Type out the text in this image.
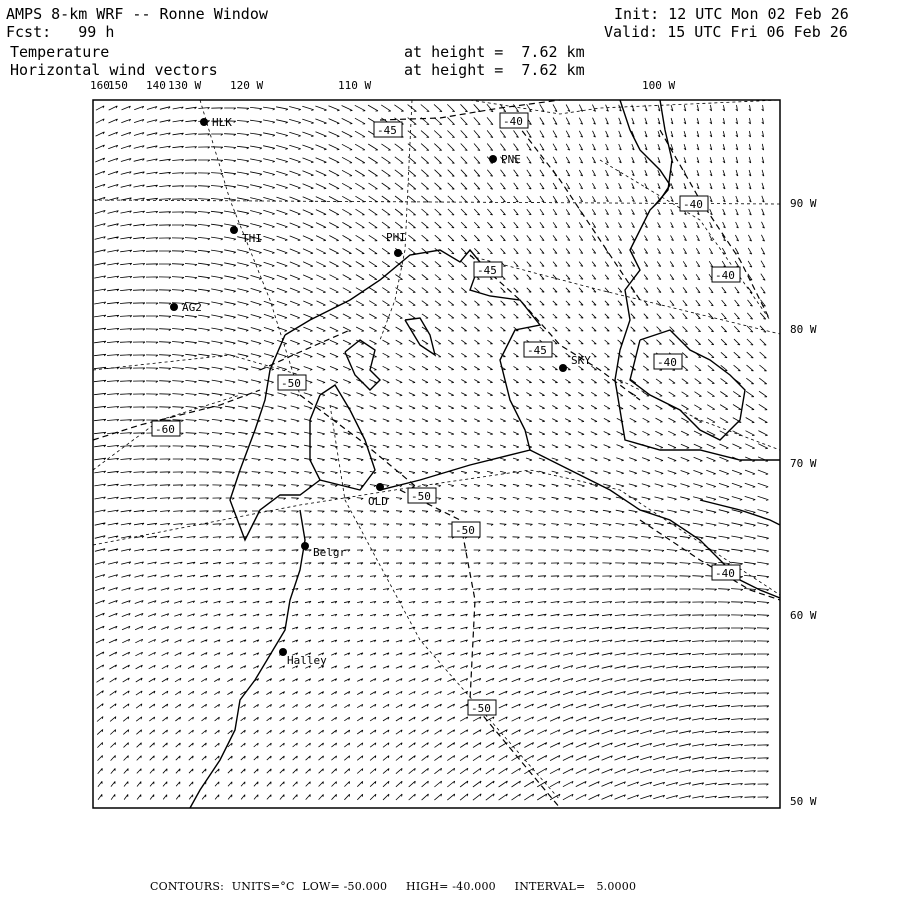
AMPS 8-km WRF -- Ronne Window
Fcst:   99 h
Init: 12 UTC Mon 02 Feb 26
Valid: 15 UTC Fri 06 Feb 26
Temperature
Horizontal wind vectors
at height =  7.62 km
at height =  7.62 km
-40
-45
-40
-45	-40
-45
-40
-50
-60
-50
-50
-40
-50
HLK
PNE
THI	PHI
AG2
SKY
OLD
Belgr
Halley
160
150 140 130 W	120 W	110 W	100 W
90 W
80 W
70 W
60 W
50 W
CONTOURS: UNITS=°C LOW= -50.000 HIGH= -40.000 INTERVAL=   5.0000
